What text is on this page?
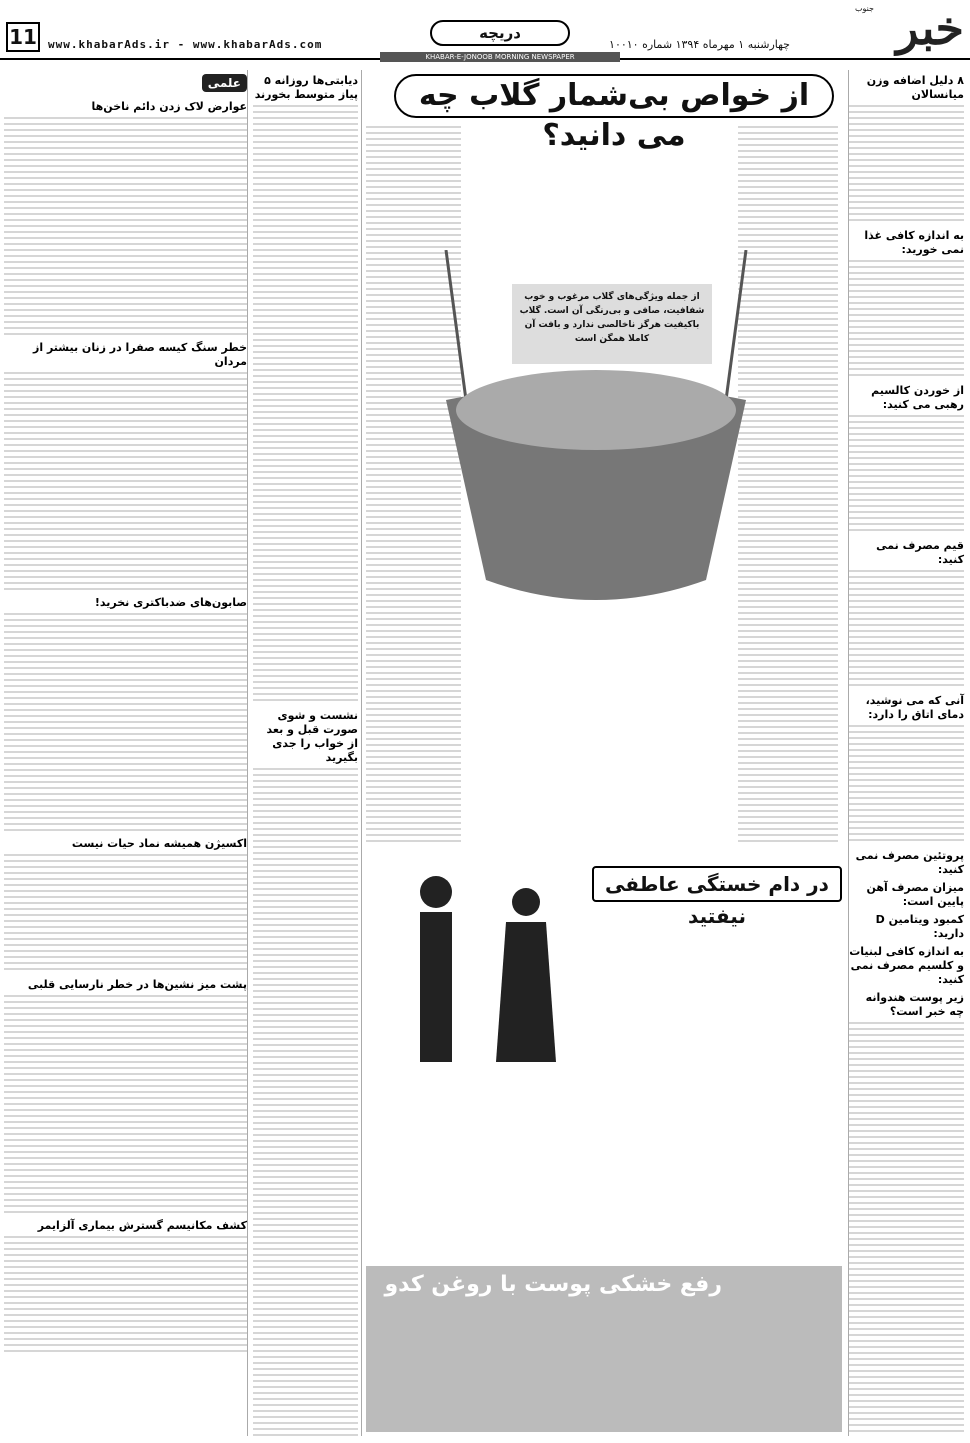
11 www.khabarAds.ir - www.khabarAds.com
دریچه
KHABAR-E-JONOOB MORNING NEWSPAPER
چهارشنبه ۱ مهرماه ۱۳۹۴ شماره ۱۰۰۱۰	خبر
جنوب
۸ دلیل اضافه وزن میانسالان
به اندازه کافی غذا نمی خورید:
از خوردن کالسیم رهبی می کنید:
قیم مصرف نمی کنید:
آنی که می نوشید، دمای اتاق را دارد:
پروتئین مصرف نمی کنید:
میزان مصرف آهن پایین است:
کمبود ویتامین D دارید:
به اندازه کافی لبنیات و کلسیم مصرف نمی کنید:
زیر پوست هندوانه چه خبر است؟
از خواص بی‌شمار گلاب چه می دانید؟
از جمله ویژگی‌های گلاب مرغوب و خوب شفافیت، صافی و بی‌رنگی آن است. گلاب باکیفیت هرگز ناخالصی ندارد و بافت آن کاملا همگن است
دیابتی‌ها روزانه ۵ پیاز متوسط بخورند
نشست و شوی صورت قبل و بعد از خواب را جدی بگیرید
علمی
عوارض لاک زدن دائم ناخن‌ها
خطر سنگ کیسه صفرا در زنان بیشتر از مردان
صابون‌های ضدباکتری نخرید!
اکسیژن همیشه نماد حیات نیست
پشت میز نشین‌ها در خطر نارسایی قلبی
کشف مکانیسم گسترش بیماری آلزایمر
در دام خستگی عاطفی نیفتید
رفع خشکی پوست با روغن کدو
